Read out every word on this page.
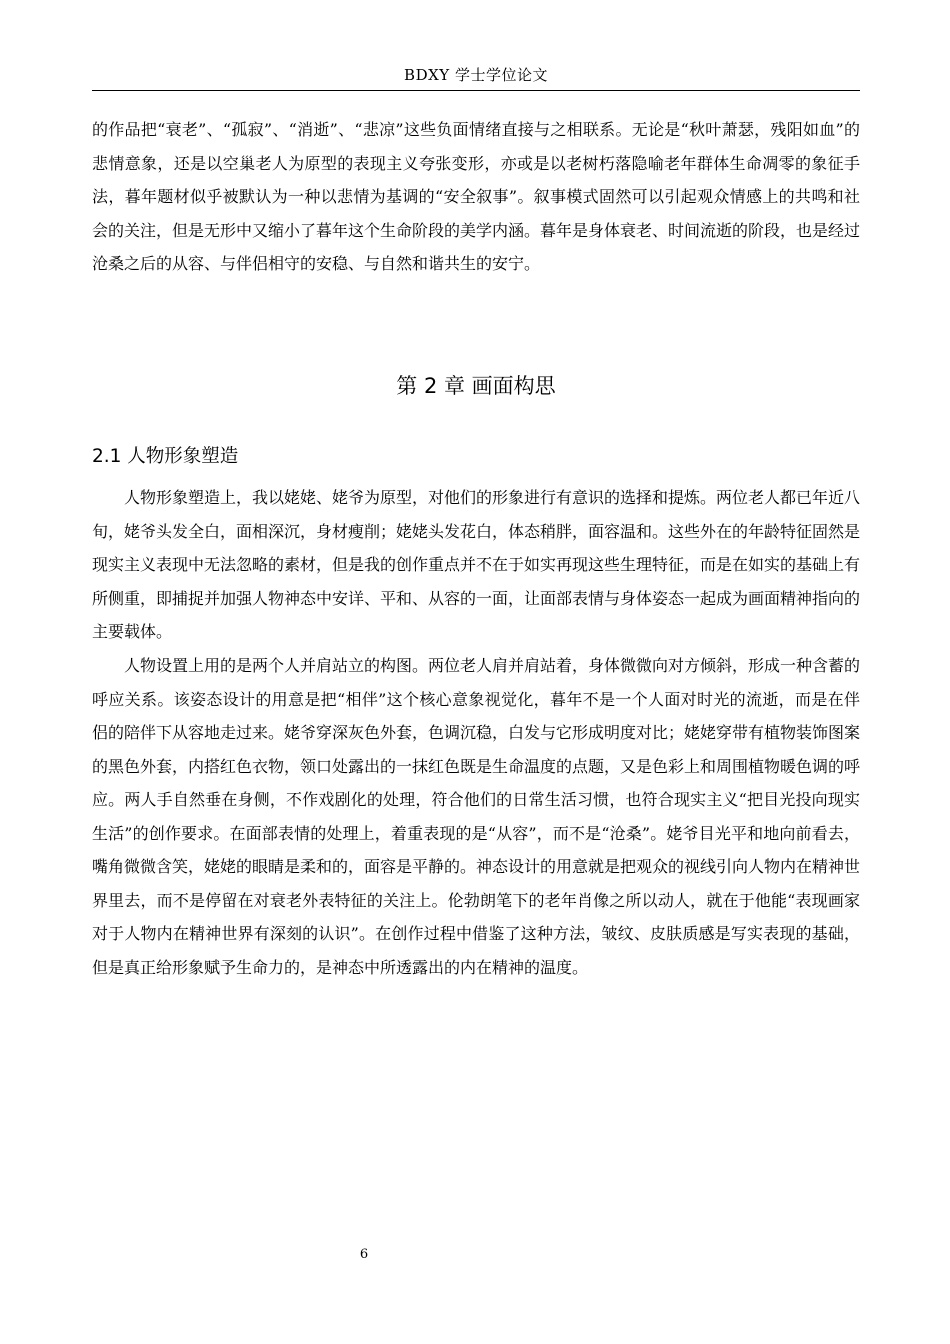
BDXY 学士学位论文

的作品把“衰老”、“孤寂”、“消逝”、“悲凉”这些负面情绪直接与之相联系。无论是“秋叶萧瑟，残阳如血”的悲情意象，还是以空巢老人为原型的表现主义夸张变形，亦或是以老树朽落隐喻老年群体生命凋零的象征手法，暮年题材似乎被默认为一种以悲情为基调的“安全叙事”。叙事模式固然可以引起观众情感上的共鸣和社会的关注，但是无形中又缩小了暮年这个生命阶段的美学内涵。暮年是身体衰老、时间流逝的阶段，也是经过沧桑之后的从容、与伴侣相守的安稳、与自然和谐共生的安宁。

第 2 章 画面构思
2.1 人物形象塑造

人物形象塑造上，我以姥姥、姥爷为原型，对他们的形象进行有意识的选择和提炼。两位老人都已年近八旬，姥爷头发全白，面相深沉，身材瘦削；姥姥头发花白，体态稍胖，面容温和。这些外在的年龄特征固然是现实主义表现中无法忽略的素材，但是我的创作重点并不在于如实再现这些生理特征，而是在如实的基础上有所侧重，即捕捉并加强人物神态中安详、平和、从容的一面，让面部表情与身体姿态一起成为画面精神指向的主要载体。

人物设置上用的是两个人并肩站立的构图。两位老人肩并肩站着，身体微微向对方倾斜，形成一种含蓄的呼应关系。该姿态设计的用意是把“相伴”这个核心意象视觉化，暮年不是一个人面对时光的流逝，而是在伴侣的陪伴下从容地走过来。姥爷穿深灰色外套，色调沉稳，白发与它形成明度对比；姥姥穿带有植物装饰图案的黑色外套，内搭红色衣物，领口处露出的一抹红色既是生命温度的点题，又是色彩上和周围植物暖色调的呼应。两人手自然垂在身侧，不作戏剧化的处理，符合他们的日常生活习惯，也符合现实主义“把目光投向现实生活”的创作要求。在面部表情的处理上，着重表现的是“从容”，而不是“沧桑”。姥爷目光平和地向前看去，嘴角微微含笑，姥姥的眼睛是柔和的，面容是平静的。神态设计的用意就是把观众的视线引向人物内在精神世界里去，而不是停留在对衰老外表特征的关注上。伦勃朗笔下的老年肖像之所以动人，就在于他能“表现画家对于人物内在精神世界有深刻的认识”。在创作过程中借鉴了这种方法，皱纹、皮肤质感是写实表现的基础，但是真正给形象赋予生命力的，是神态中所透露出的内在精神的温度。

6
